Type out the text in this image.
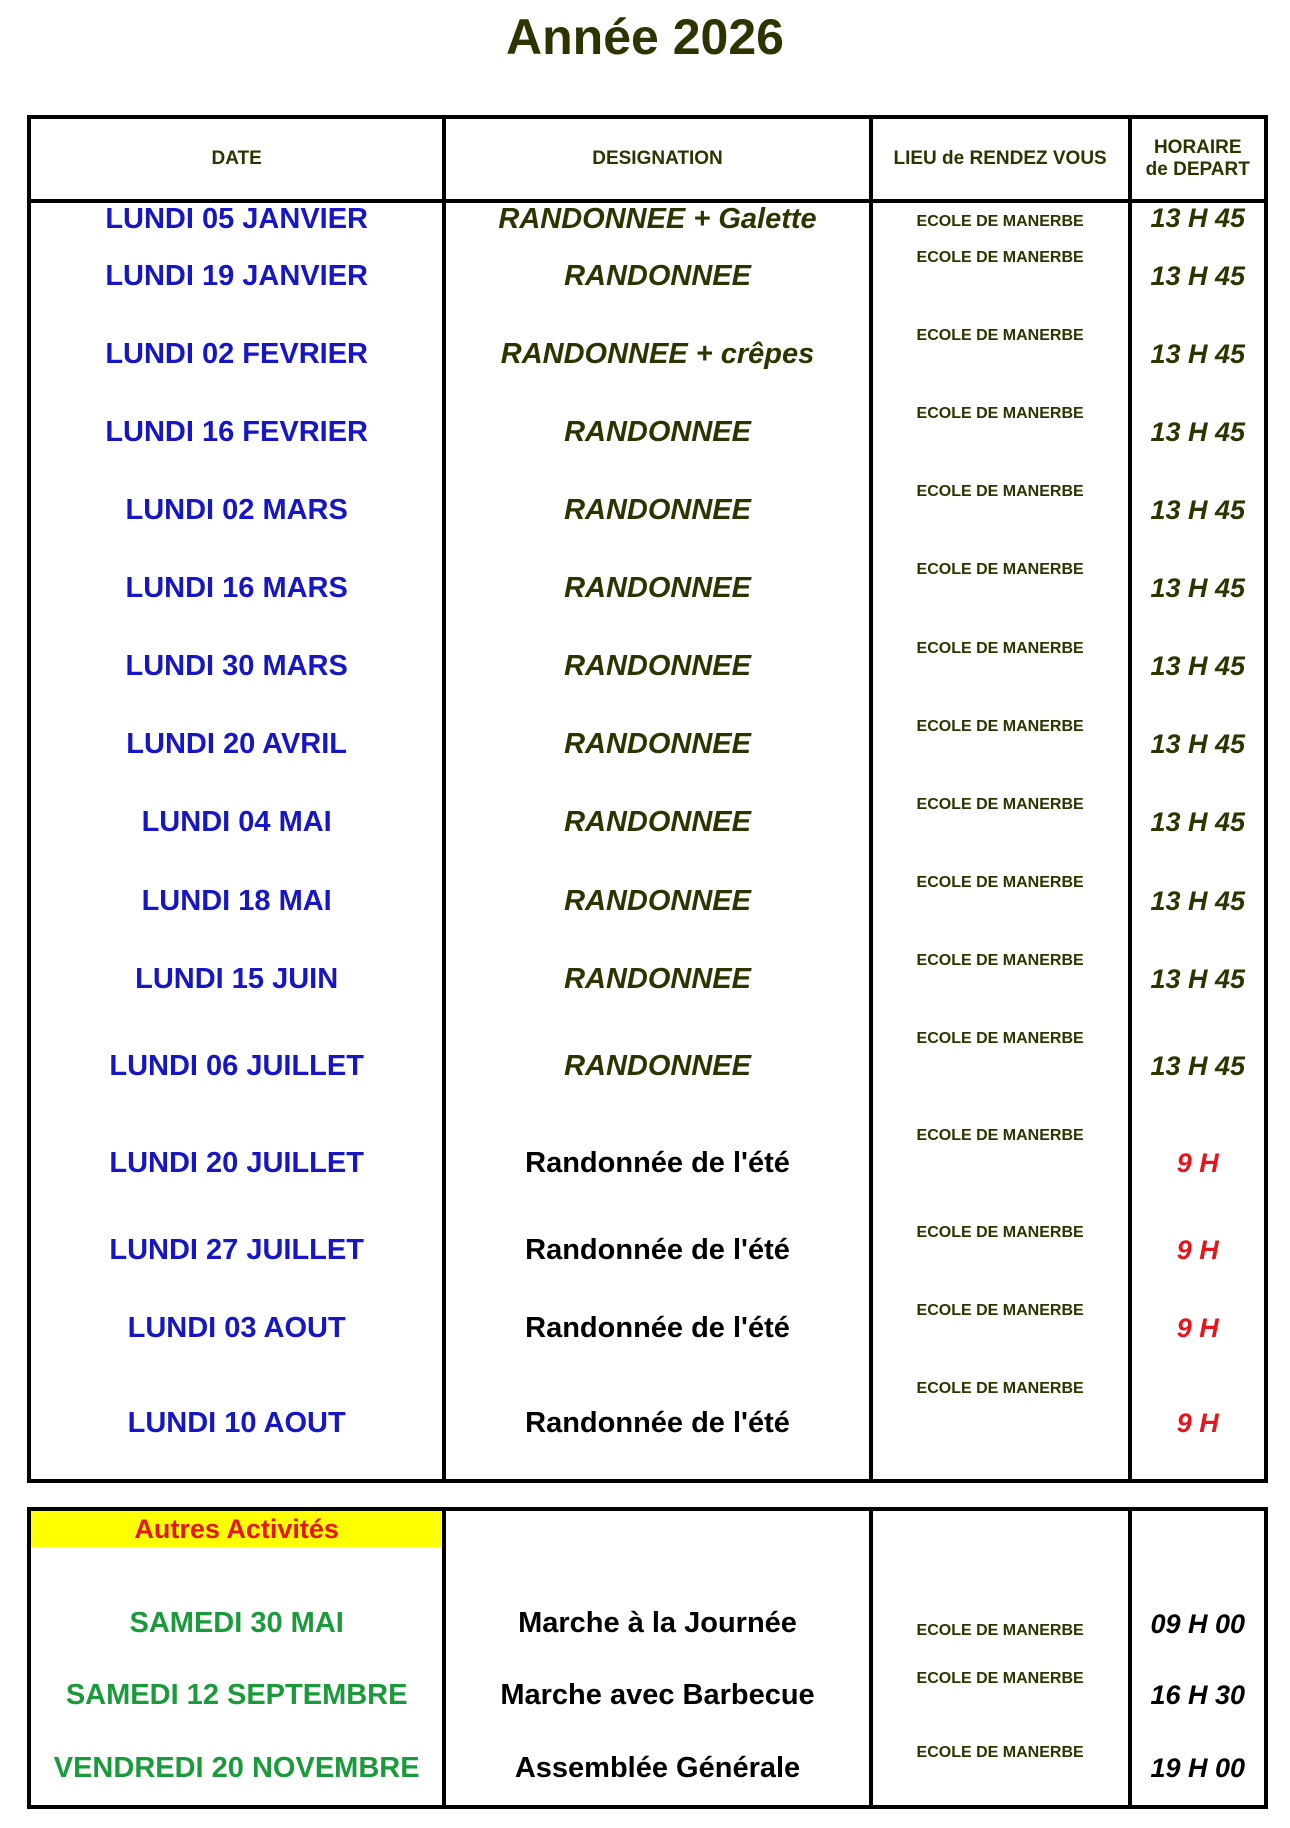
Année 2026
DATE	DESIGNATION	LIEU de RENDEZ VOUS	HORAIRE
de DEPART
LUNDI 05 JANVIER	RANDONNEE + Galette	ECOLE DE MANERBE	13 H 45
LUNDI 19 JANVIER	RANDONNEE	ECOLE DE MANERBE	13 H 45
LUNDI 02 FEVRIER	RANDONNEE + crêpes	ECOLE DE MANERBE	13 H 45
LUNDI 16 FEVRIER	RANDONNEE	ECOLE DE MANERBE	13 H 45
LUNDI 02 MARS	RANDONNEE	ECOLE DE MANERBE	13 H 45
LUNDI 16 MARS	RANDONNEE	ECOLE DE MANERBE	13 H 45
LUNDI 30 MARS	RANDONNEE	ECOLE DE MANERBE	13 H 45
LUNDI 20 AVRIL	RANDONNEE	ECOLE DE MANERBE	13 H 45
LUNDI 04 MAI	RANDONNEE	ECOLE DE MANERBE	13 H 45
LUNDI 18 MAI	RANDONNEE	ECOLE DE MANERBE	13 H 45
LUNDI 15 JUIN	RANDONNEE	ECOLE DE MANERBE	13 H 45
LUNDI 06 JUILLET	RANDONNEE	ECOLE DE MANERBE	13 H 45
LUNDI 20 JUILLET	Randonnée de l'été	ECOLE DE MANERBE	9 H
LUNDI 27 JUILLET	Randonnée de l'été	ECOLE DE MANERBE	9 H
LUNDI 03 AOUT	Randonnée de l'été	ECOLE DE MANERBE	9 H
LUNDI 10 AOUT	Randonnée de l'été	ECOLE DE MANERBE	9 H
Autres Activités			

SAMEDI 30 MAI	Marche à la Journée	ECOLE DE MANERBE	09 H 00
SAMEDI 12 SEPTEMBRE	Marche avec Barbecue	ECOLE DE MANERBE	16 H 30
VENDREDI 20 NOVEMBRE	Assemblée Générale	ECOLE DE MANERBE	19 H 00
